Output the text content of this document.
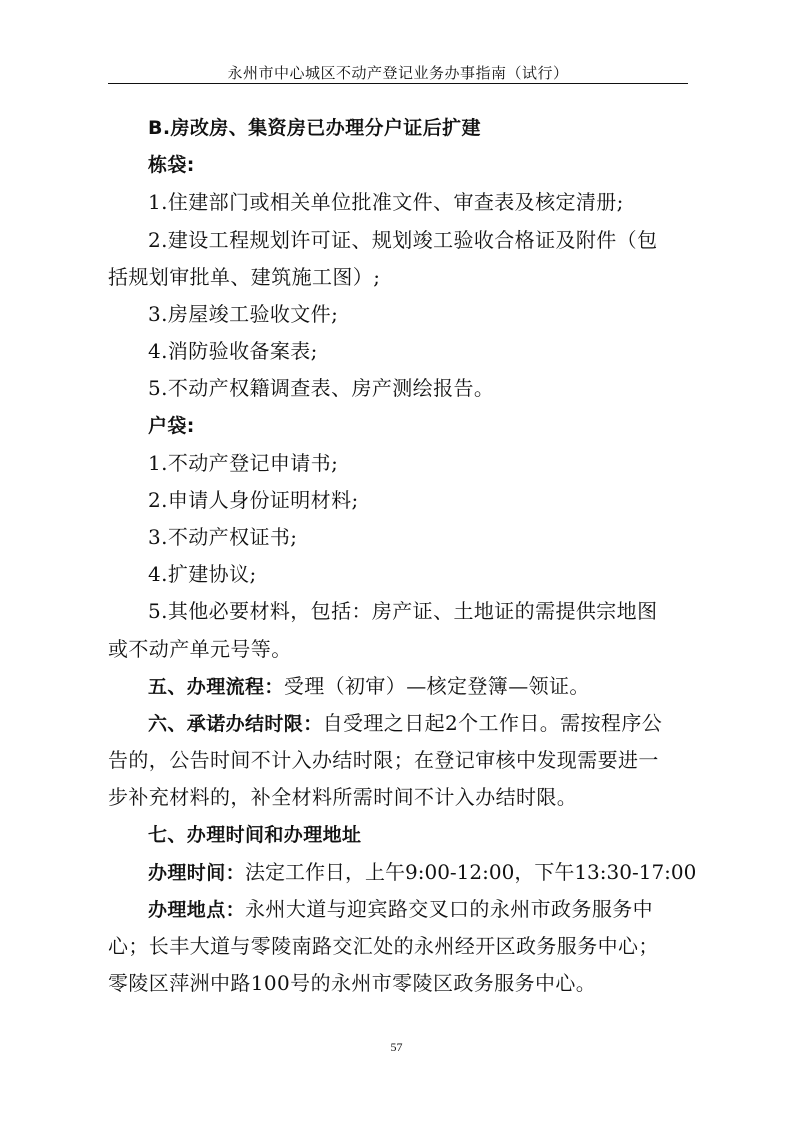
永州市中心城区不动产登记业务办事指南（试行）
B.房改房、集资房已办理分户证后扩建
栋袋:
1.住建部门或相关单位批准文件、审查表及核定清册;
2.建设工程规划许可证、规划竣工验收合格证及附件（包
括规划审批单、建筑施工图）;
3.房屋竣工验收文件;
4.消防验收备案表;
5.不动产权籍调查表、房产测绘报告。
户袋:
1.不动产登记申请书;
2.申请人身份证明材料;
3.不动产权证书;
4.扩建协议;
5.其他必要材料，包括：房产证、土地证的需提供宗地图
或不动产单元号等。
五、办理流程：受理（初审）—核定登簿—领证。
六、承诺办结时限：自受理之日起2个工作日。需按程序公
告的，公告时间不计入办结时限；在登记审核中发现需要进一
步补充材料的，补全材料所需时间不计入办结时限。
七、办理时间和办理地址
办理时间：法定工作日，上午9:00-12:00，下午13:30-17:00
办理地点：永州大道与迎宾路交叉口的永州市政务服务中
心；长丰大道与零陵南路交汇处的永州经开区政务服务中心；
零陵区萍洲中路100号的永州市零陵区政务服务中心。
57
